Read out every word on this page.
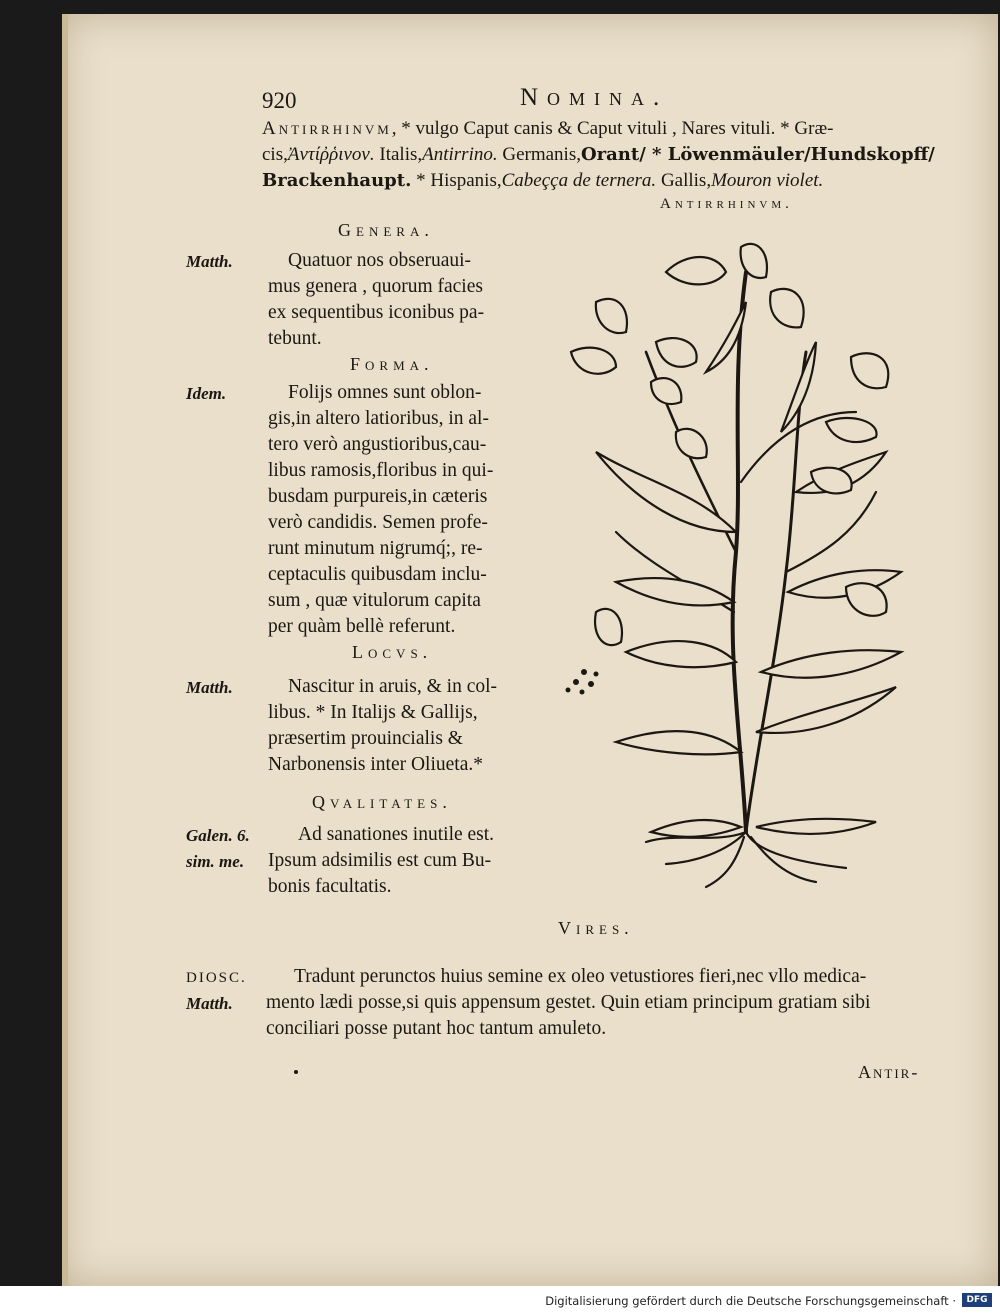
920	Nomina.
Antirrhinvm, * vulgo Caput canis & Caput vituli , Nares vituli. * Græ-
cis,Ἀντίῤῥινον. Italis,Antirrino. Germanis,Orant/ * Löwenmäuler/Hundskopff/
Brackenhaupt. * Hispanis,Cabeçça de ternera. Gallis,Mouron violet.
Antirrhinvm.
Genera.
Matth.	Quatuor nos obseruaui-
mus genera , quorum facies
ex sequentibus iconibus pa-
tebunt.
Forma.
Idem.	Folijs omnes sunt oblon-
gis,in altero latioribus, in al-
tero verò angustioribus,cau-
libus ramosis,floribus in qui-
busdam purpureis,in cæteris
verò candidis. Semen profe-
runt minutum nigrumq́;, re-
ceptaculis quibusdam inclu-
sum , quæ vitulorum capita
per quàm bellè referunt.
Locvs.
Matth.	Nascitur in aruis, & in col-
libus. * In Italijs & Gallijs,
præsertim prouincialis &
Narbonensis inter Oliueta.*
Qvalitates.
Galen. 6.
sim. me.
Ad sanationes inutile est.
Ipsum adsimilis est cum Bu-
bonis facultatis.
Vires.
DIOSC.
Matth.
Tradunt perunctos huius semine ex oleo vetustiores fieri,nec vllo medica-
mento lædi posse,si quis appensum gestet. Quin etiam principum gratiam sibi
conciliari posse putant hoc tantum amuleto.
Antir-
Digitalisierung gefördert durch die Deutsche Forschungsgemeinschaft ·	DFG
